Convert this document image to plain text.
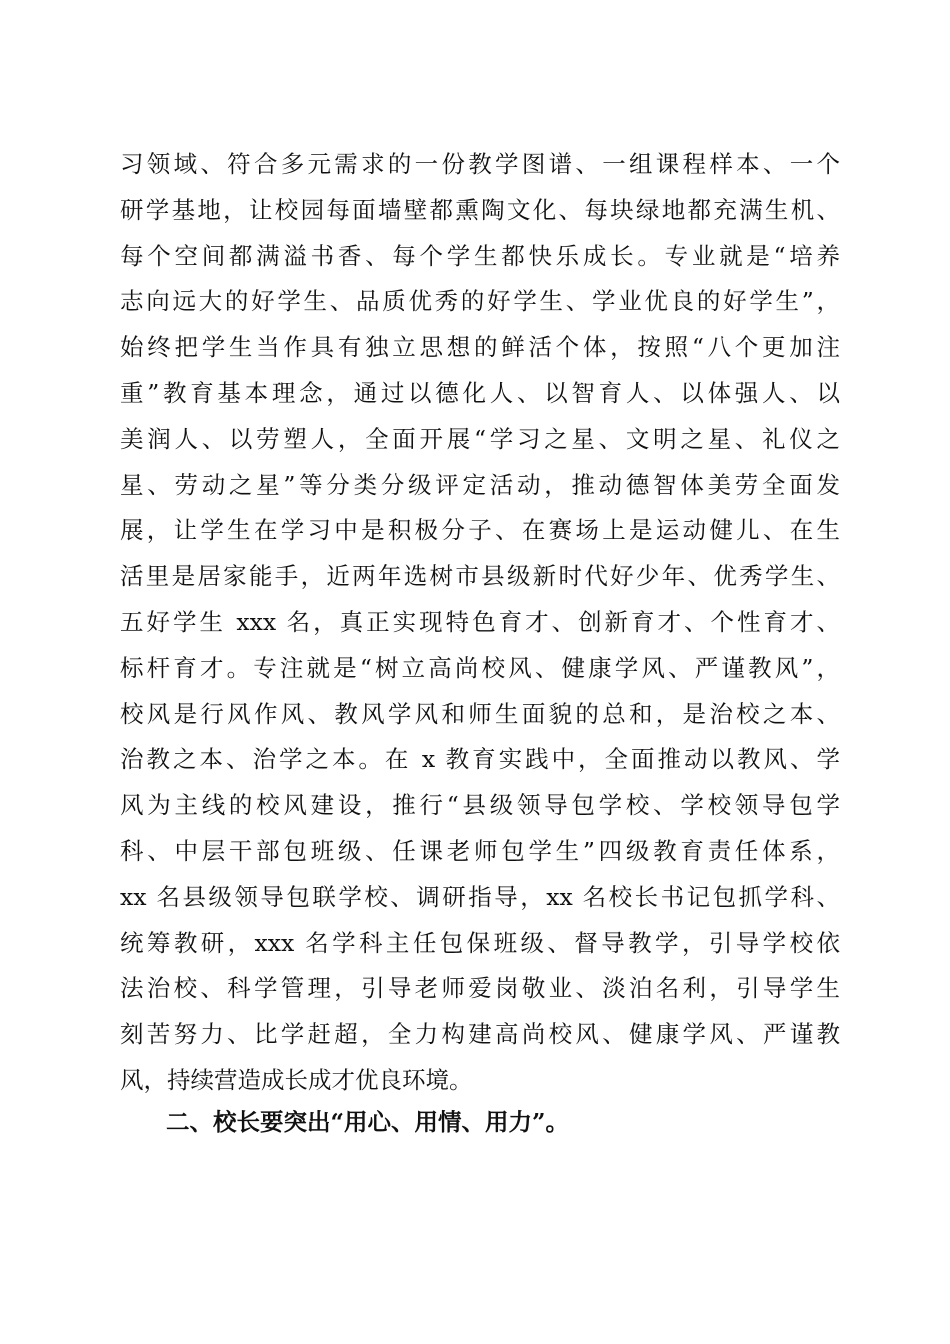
习领域、符合多元需求的一份教学图谱、一组课程样本、一个
研学基地，让校园每面墙壁都熏陶文化、每块绿地都充满生机、
每个空间都满溢书香、每个学生都快乐成长。专业就是“培养
志向远大的好学生、品质优秀的好学生、学业优良的好学生”，
始终把学生当作具有独立思想的鲜活个体，按照“八个更加注
重”教育基本理念，通过以德化人、以智育人、以体强人、以
美润人、以劳塑人，全面开展“学习之星、文明之星、礼仪之
星、劳动之星”等分类分级评定活动，推动德智体美劳全面发
展，让学生在学习中是积极分子、在赛场上是运动健儿、在生
活里是居家能手，近两年选树市县级新时代好少年、优秀学生、
五好学生 xxx 名，真正实现特色育才、创新育才、个性育才、
标杆育才。专注就是“树立高尚校风、健康学风、严谨教风”，
校风是行风作风、教风学风和师生面貌的总和，是治校之本、
治教之本、治学之本。在 x 教育实践中，全面推动以教风、学
风为主线的校风建设，推行“县级领导包学校、学校领导包学
科、中层干部包班级、任课老师包学生”四级教育责任体系，
xx 名县级领导包联学校、调研指导，xx 名校长书记包抓学科、
统筹教研，xxx 名学科主任包保班级、督导教学，引导学校依
法治校、科学管理，引导老师爱岗敬业、淡泊名利，引导学生
刻苦努力、比学赶超，全力构建高尚校风、健康学风、严谨教
风，持续营造成长成才优良环境。
二、校长要突出“用心、用情、用力”。
